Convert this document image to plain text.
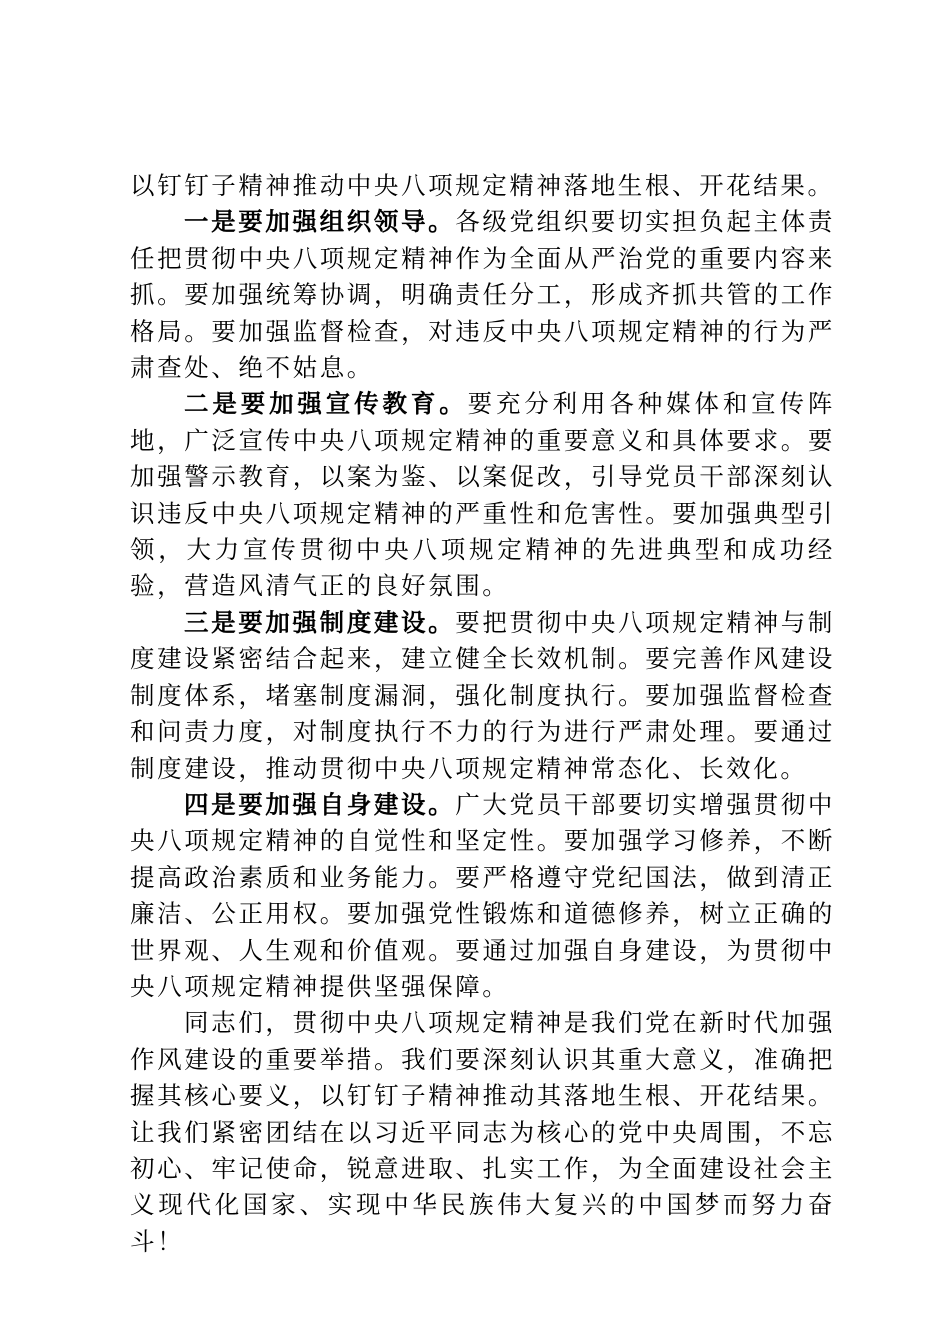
以钉钉子精神推动中央八项规定精神落地生根、开花结果。

一是要加强组织领导。各级党组织要切实担负起主体责任把贯彻中央八项规定精神作为全面从严治党的重要内容来抓。要加强统筹协调，明确责任分工，形成齐抓共管的工作格局。要加强监督检查，对违反中央八项规定精神的行为严肃查处、绝不姑息。

二是要加强宣传教育。要充分利用各种媒体和宣传阵地，广泛宣传中央八项规定精神的重要意义和具体要求。要加强警示教育，以案为鉴、以案促改，引导党员干部深刻认识违反中央八项规定精神的严重性和危害性。要加强典型引领，大力宣传贯彻中央八项规定精神的先进典型和成功经验，营造风清气正的良好氛围。

三是要加强制度建设。要把贯彻中央八项规定精神与制度建设紧密结合起来，建立健全长效机制。要完善作风建设制度体系，堵塞制度漏洞，强化制度执行。要加强监督检查和问责力度，对制度执行不力的行为进行严肃处理。要通过制度建设，推动贯彻中央八项规定精神常态化、长效化。

四是要加强自身建设。广大党员干部要切实增强贯彻中央八项规定精神的自觉性和坚定性。要加强学习修养，不断提高政治素质和业务能力。要严格遵守党纪国法，做到清正廉洁、公正用权。要加强党性锻炼和道德修养，树立正确的世界观、人生观和价值观。要通过加强自身建设，为贯彻中央八项规定精神提供坚强保障。

同志们，贯彻中央八项规定精神是我们党在新时代加强作风建设的重要举措。我们要深刻认识其重大意义，准确把握其核心要义，以钉钉子精神推动其落地生根、开花结果。让我们紧密团结在以习近平同志为核心的党中央周围，不忘初心、牢记使命，锐意进取、扎实工作，为全面建设社会主义现代化国家、实现中华民族伟大复兴的中国梦而努力奋斗！
